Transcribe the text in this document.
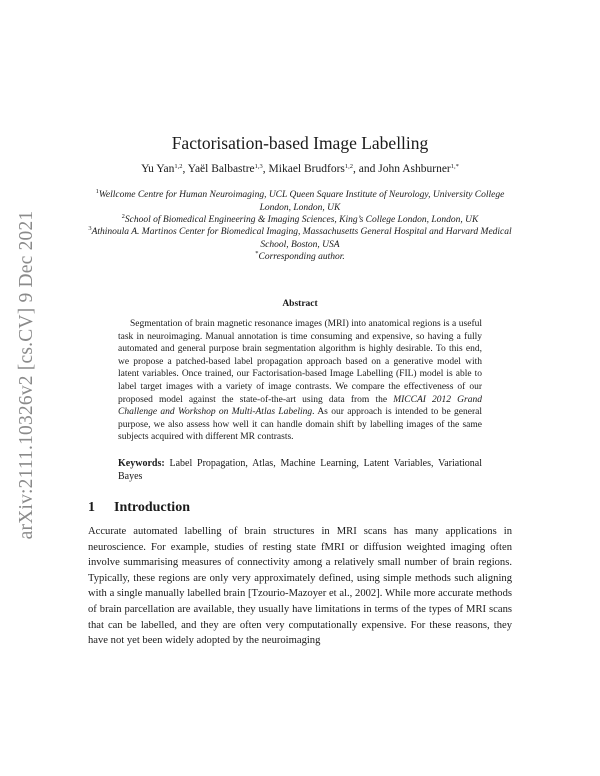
arXiv:2111.10326v2 [cs.CV] 9 Dec 2021
Factorisation-based Image Labelling
Yu Yan$^{1,2}$, Yaël Balbastre$^{1,3}$, Mikael Brudfors$^{1,2}$, and John Ashburner$^{1,*}$
$^1$Wellcome Centre for Human Neuroimaging, UCL Queen Square Institute of Neurology, University College London, London, UK
$^2$School of Biomedical Engineering & Imaging Sciences, King’s College London, London, UK
$^3$Athinoula A. Martinos Center for Biomedical Imaging, Massachusetts General Hospital and Harvard Medical School, Boston, USA
*Corresponding author.
Abstract

Segmentation of brain magnetic resonance images (MRI) into anatomical regions is a useful task in neuroimaging. Manual annotation is time consuming and expensive, so having a fully automated and general purpose brain segmentation algorithm is highly desirable. To this end, we propose a patched-based label propagation approach based on a generative model with latent variables. Once trained, our Factorisation-based Image Labelling (FIL) model is able to label target images with a variety of image contrasts. We compare the effectiveness of our proposed model against the state-of-the-art using data from the MICCAI 2012 Grand Challenge and Workshop on Multi-Atlas Labeling. As our approach is intended to be general purpose, we also assess how well it can handle domain shift by labelling images of the same subjects acquired with different MR contrasts.

Keywords: Label Propagation, Atlas, Machine Learning, Latent Variables, Variational Bayes
1 Introduction

Accurate automated labelling of brain structures in MRI scans has many applications in neuroscience. For example, studies of resting state fMRI or diffusion weighted imaging often involve summarising measures of connectivity among a relatively small number of brain regions. Typically, these regions are only very approximately defined, using simple methods such aligning with a single manually labelled brain [Tzourio-Mazoyer et al., 2002]. While more accurate methods of brain parcellation are available, they usually have limitations in terms of the types of MRI scans that can be labelled, and they are often very computationally expensive. For these reasons, they have not yet been widely adopted by the neuroimaging
